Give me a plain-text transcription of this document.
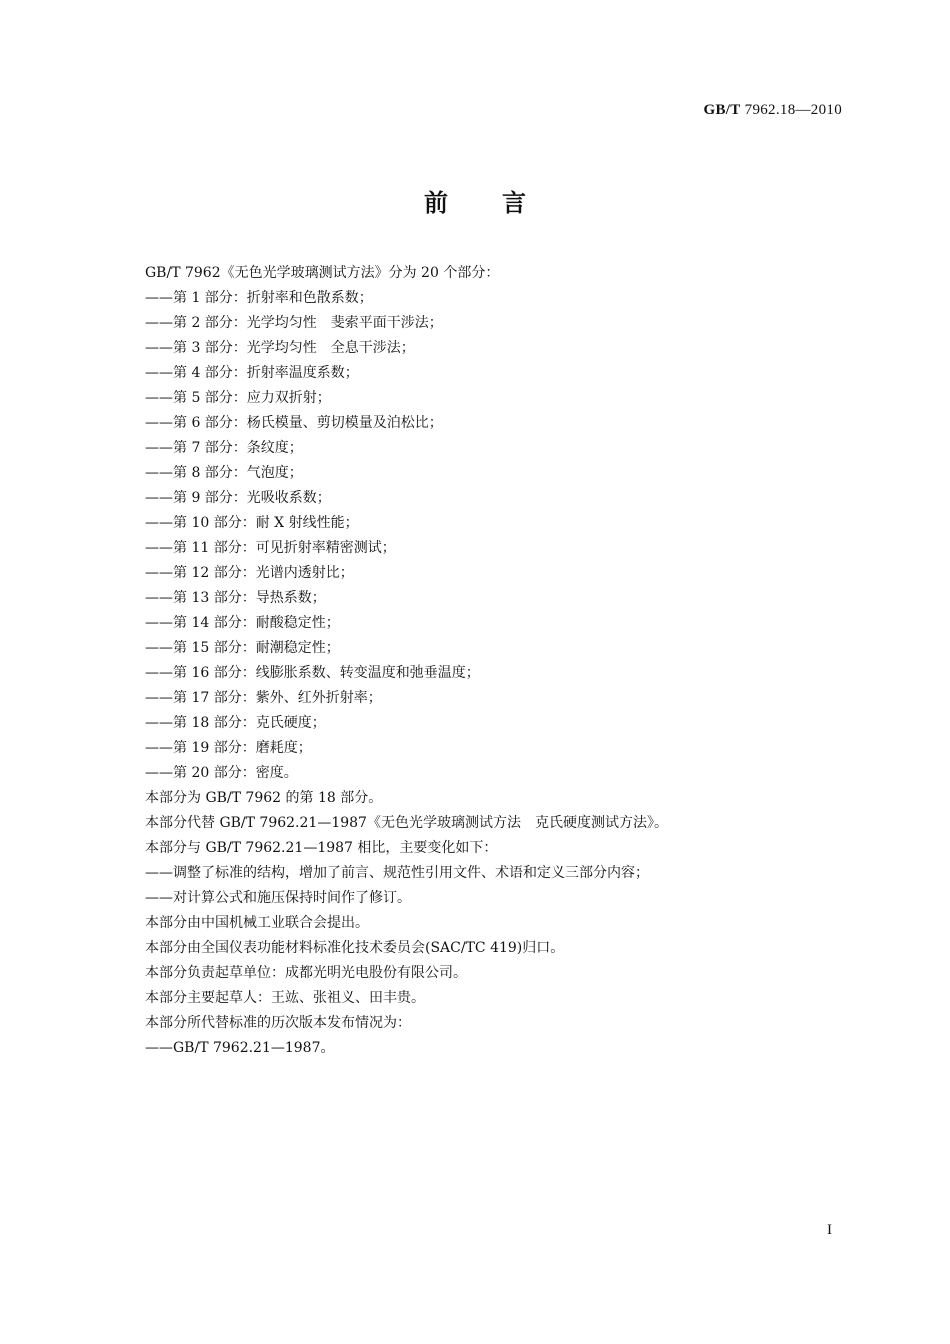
GB/T 7962.18—2010
前 言
GB/T 7962《无色光学玻璃测试方法》分为 20 个部分：
——第 1 部分：折射率和色散系数；
——第 2 部分：光学均匀性　斐索平面干涉法；
——第 3 部分：光学均匀性　全息干涉法；
——第 4 部分：折射率温度系数；
——第 5 部分：应力双折射；
——第 6 部分：杨氏模量、剪切模量及泊松比；
——第 7 部分：条纹度；
——第 8 部分：气泡度；
——第 9 部分：光吸收系数；
——第 10 部分：耐 X 射线性能；
——第 11 部分：可见折射率精密测试；
——第 12 部分：光谱内透射比；
——第 13 部分：导热系数；
——第 14 部分：耐酸稳定性；
——第 15 部分：耐潮稳定性；
——第 16 部分：线膨胀系数、转变温度和弛垂温度；
——第 17 部分：紫外、红外折射率；
——第 18 部分：克氏硬度；
——第 19 部分：磨耗度；
——第 20 部分：密度。
本部分为 GB/T 7962 的第 18 部分。
本部分代替 GB/T 7962.21—1987《无色光学玻璃测试方法　克氏硬度测试方法》。
本部分与 GB/T 7962.21—1987 相比，主要变化如下：
——调整了标准的结构，增加了前言、规范性引用文件、术语和定义三部分内容；
——对计算公式和施压保持时间作了修订。
本部分由中国机械工业联合会提出。
本部分由全国仪表功能材料标准化技术委员会(SAC/TC 419)归口。
本部分负责起草单位：成都光明光电股份有限公司。
本部分主要起草人：王竑、张祖义、田丰贵。
本部分所代替标准的历次版本发布情况为：
——GB/T 7962.21—1987。
I
